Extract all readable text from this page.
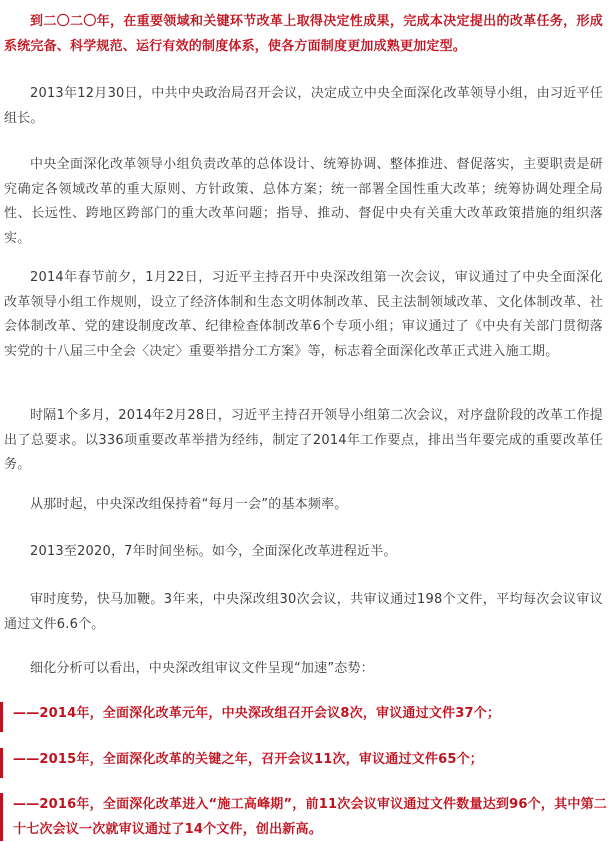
到二〇二〇年，在重要领域和关键环节改革上取得决定性成果，完成本决定提出的改革任务，形成系统完备、科学规范、运行有效的制度体系，使各方面制度更加成熟更加定型。

2013年12月30日，中共中央政治局召开会议，决定成立中央全面深化改革领导小组，由习近平任组长。

中央全面深化改革领导小组负责改革的总体设计、统筹协调、整体推进、督促落实，主要职责是研究确定各领域改革的重大原则、方针政策、总体方案；统一部署全国性重大改革；统筹协调处理全局性、长远性、跨地区跨部门的重大改革问题；指导、推动、督促中央有关重大改革政策措施的组织落实。

2014年春节前夕，1月22日，习近平主持召开中央深改组第一次会议，审议通过了中央全面深化改革领导小组工作规则，设立了经济体制和生态文明体制改革、民主法制领域改革、文化体制改革、社会体制改革、党的建设制度改革、纪律检查体制改革6个专项小组；审议通过了《中央有关部门贯彻落实党的十八届三中全会〈决定〉重要举措分工方案》等，标志着全面深化改革正式进入施工期。

时隔1个多月，2014年2月28日，习近平主持召开领导小组第二次会议，对序盘阶段的改革工作提出了总要求。以336项重要改革举措为经纬，制定了2014年工作要点，排出当年要完成的重要改革任务。

从那时起，中央深改组保持着“每月一会”的基本频率。

2013至2020，7年时间坐标。如今，全面深化改革进程近半。

审时度势，快马加鞭。3年来，中央深改组30次会议，共审议通过198个文件，平均每次会议审议通过文件6.6个。

细化分析可以看出，中央深改组审议文件呈现“加速”态势：

——2014年，全面深化改革元年，中央深改组召开会议8次，审议通过文件37个；

——2015年，全面深化改革的关键之年，召开会议11次，审议通过文件65个；

——2016年，全面深化改革进入“施工高峰期”，前11次会议审议通过文件数量达到96个，其中第二十七次会议一次就审议通过了14个文件，创出新高。
